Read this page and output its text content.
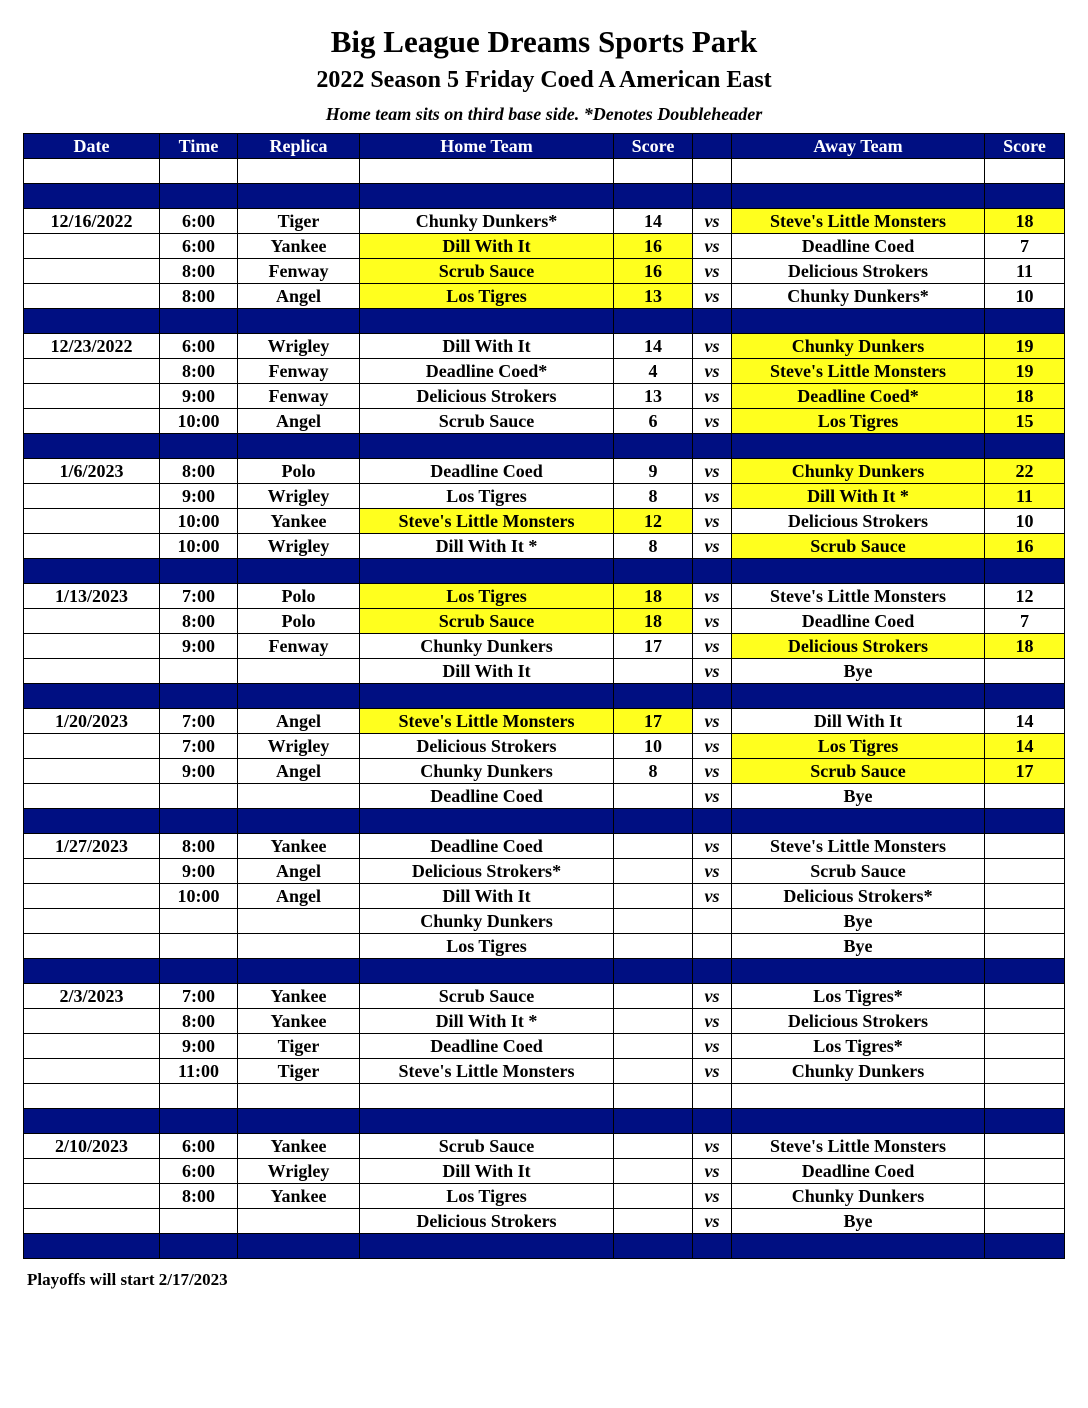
Big League Dreams Sports Park
2022 Season 5 Friday Coed A American East
Home team sits on third base side. *Denotes Doubleheader
Date	Time	Replica	Home Team	Score		Away Team	Score

12/16/2022	6:00	Tiger	Chunky Dunkers*	14	vs	Steve's Little Monsters	18
	6:00	Yankee	Dill With It	16	vs	Deadline Coed	7
	8:00	Fenway	Scrub Sauce	16	vs	Delicious Strokers	11
	8:00	Angel	Los Tigres	13	vs	Chunky Dunkers*	10

12/23/2022	6:00	Wrigley	Dill With It	14	vs	Chunky Dunkers	19
	8:00	Fenway	Deadline Coed*	4	vs	Steve's Little Monsters	19
	9:00	Fenway	Delicious Strokers	13	vs	Deadline Coed*	18
	10:00	Angel	Scrub Sauce	6	vs	Los Tigres	15

1/6/2023	8:00	Polo	Deadline Coed	9	vs	Chunky Dunkers	22
	9:00	Wrigley	Los Tigres	8	vs	Dill With It *	11
	10:00	Yankee	Steve's Little Monsters	12	vs	Delicious Strokers	10
	10:00	Wrigley	Dill With It *	8	vs	Scrub Sauce	16

1/13/2023	7:00	Polo	Los Tigres	18	vs	Steve's Little Monsters	12
	8:00	Polo	Scrub Sauce	18	vs	Deadline Coed	7
	9:00	Fenway	Chunky Dunkers	17	vs	Delicious Strokers	18
			Dill With It		vs	Bye	

1/20/2023	7:00	Angel	Steve's Little Monsters	17	vs	Dill With It	14
	7:00	Wrigley	Delicious Strokers	10	vs	Los Tigres	14
	9:00	Angel	Chunky Dunkers	8	vs	Scrub Sauce	17
			Deadline Coed		vs	Bye	

1/27/2023	8:00	Yankee	Deadline Coed		vs	Steve's Little Monsters	
	9:00	Angel	Delicious Strokers*		vs	Scrub Sauce	
	10:00	Angel	Dill With It		vs	Delicious Strokers*	
			Chunky Dunkers			Bye	
			Los Tigres			Bye	

2/3/2023	7:00	Yankee	Scrub Sauce		vs	Los Tigres*	
	8:00	Yankee	Dill With It *		vs	Delicious Strokers	
	9:00	Tiger	Deadline Coed		vs	Los Tigres*	
	11:00	Tiger	Steve's Little Monsters		vs	Chunky Dunkers	

2/10/2023	6:00	Yankee	Scrub Sauce		vs	Steve's Little Monsters	
	6:00	Wrigley	Dill With It		vs	Deadline Coed	
	8:00	Yankee	Los Tigres		vs	Chunky Dunkers	
			Delicious Strokers		vs	Bye	

Playoffs will start 2/17/2023
